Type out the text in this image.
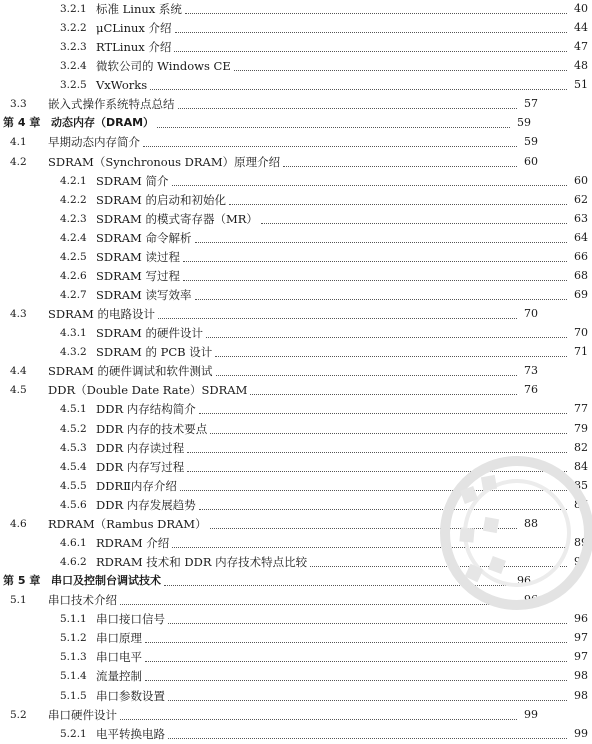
3.2.1 标准 Linux 系统	40
3.2.2 μCLinux 介绍	44
3.2.3 RTLinux 介绍	47
3.2.4 微软公司的 Windows CE	48
3.2.5 VxWorks	51
3.3	嵌入式操作系统特点总结	57
第 4 章 动态内存（DRAM）	59
4.1	早期动态内存简介	59
4.2	SDRAM（Synchronous DRAM）原理介绍	60
4.2.1 SDRAM 简介	60
4.2.2 SDRAM 的启动和初始化	62
4.2.3 SDRAM 的模式寄存器（MR）	63
4.2.4 SDRAM 命令解析	64
4.2.5 SDRAM 读过程	66
4.2.6 SDRAM 写过程	68
4.2.7 SDRAM 读写效率	69
4.3	SDRAM 的电路设计	70
4.3.1 SDRAM 的硬件设计	70
4.3.2 SDRAM 的 PCB 设计	71
4.4	SDRAM 的硬件调试和软件测试	73
4.5	DDR（Double Date Rate）SDRAM	76
4.5.1 DDR 内存结构简介	77
4.5.2 DDR 内存的技术要点	79
4.5.3 DDR 内存读过程	82
4.5.4 DDR 内存写过程	84
4.5.5 DDRⅡ内存介绍	85
4.5.6 DDR 内存发展趋势	87
4.6	RDRAM（Rambus DRAM）	88
4.6.1 RDRAM 介绍	89
4.6.2 RDRAM 技术和 DDR 内存技术特点比较	93
第 5 章 串口及控制台调试技术	96
5.1	串口技术介绍	96
5.1.1 串口接口信号	96
5.1.2 串口原理	97
5.1.3 串口电平	97
5.1.4 流量控制	98
5.1.5 串口参数设置	98
5.2	串口硬件设计	99
5.2.1 电平转换电路	99
